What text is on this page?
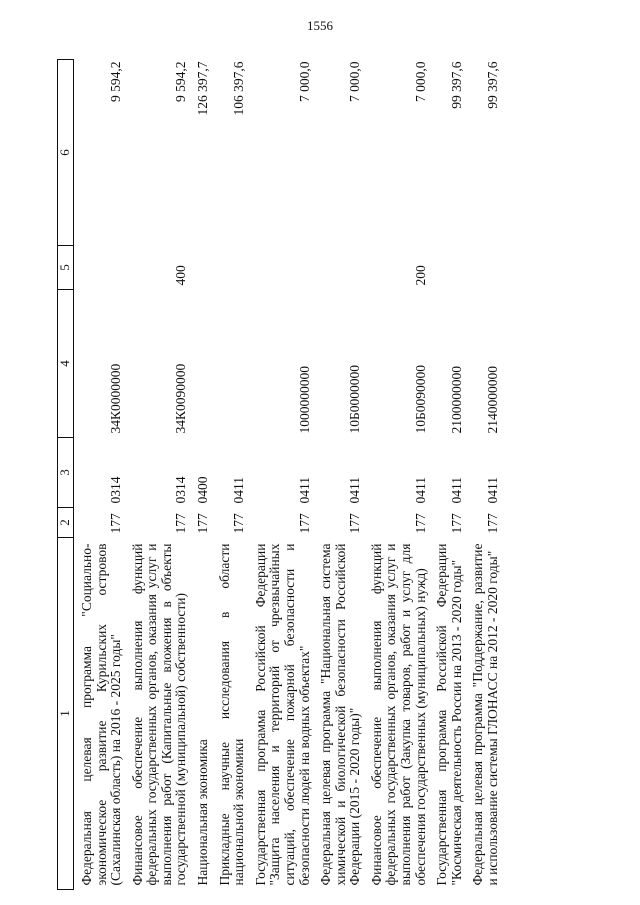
1556
1	2	3	4	5	6
Федеральная целевая программа "Социально-экономическое развитие Курильских островов (Сахалинская область) на 2016 - 2025 годы"	177	0314	34К0000000		9 594,2
Финансовое обеспечение выполнения функций федеральных государственных органов, оказания услуг и выполнения работ (Капитальные вложения в объекты государственной (муниципальной) собственности)	177	0314	34К0090000	400	9 594,2
Национальная экономика	177	0400			126 397,7
Прикладные научные исследования в области национальной экономики	177	0411			106 397,6
Государственная программа Российской Федерации "Защита населения и территорий от чрезвычайных ситуаций, обеспечение пожарной безопасности и безопасности людей на водных объектах"	177	0411	1000000000		7 000,0
Федеральная целевая программа "Национальная система химической и биологической безопасности Российской Федерации (2015 - 2020 годы)"	177	0411	10Б0000000		7 000,0
Финансовое обеспечение выполнения функций федеральных государственных органов, оказания услуг и выполнения работ (Закупка товаров, работ и услуг для обеспечения государственных (муниципальных) нужд)	177	0411	10Б0090000	200	7 000,0
Государственная программа Российской Федерации "Космическая деятельность России на 2013 - 2020 годы"	177	0411	2100000000		99 397,6
Федеральная целевая программа "Поддержание, развитие и использование системы ГЛОНАСС на 2012 - 2020 годы"	177	0411	2140000000		99 397,6
